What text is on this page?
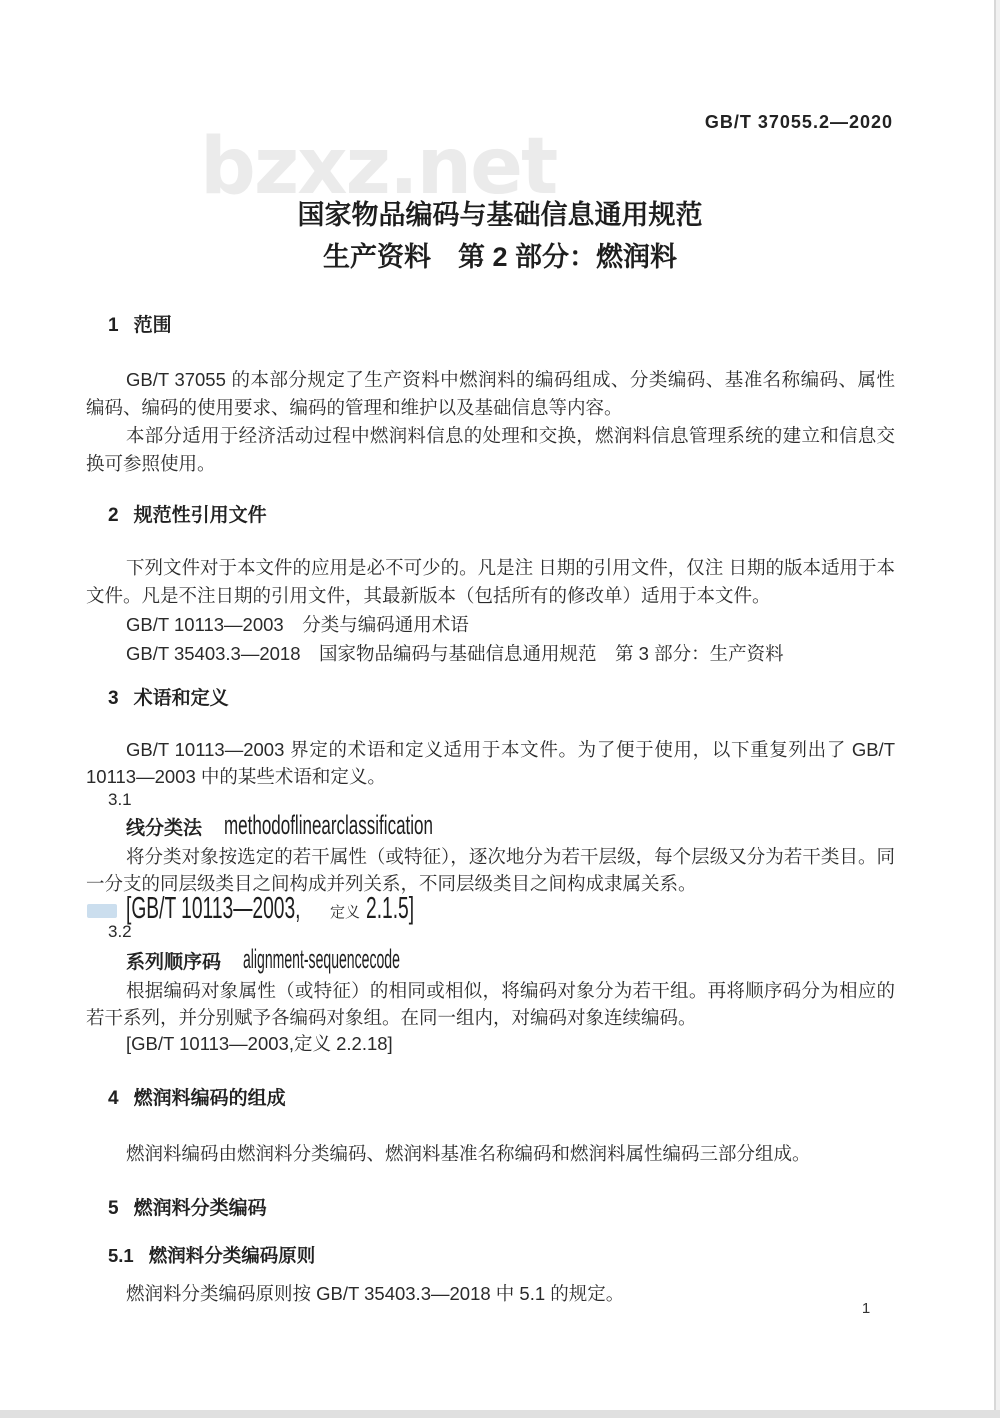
GB/T 37055.2—2020
bzxz.net
国家物品编码与基础信息通用规范
生产资料　第 2 部分：燃润料
1 范围

GB/T 37055 的本部分规定了生产资料中燃润料的编码组成、分类编码、基准名称编码、属性编码、编码的使用要求、编码的管理和维护以及基础信息等内容。

本部分适用于经济活动过程中燃润料信息的处理和交换，燃润料信息管理系统的建立和信息交换可参照使用。

2 规范性引用文件

下列文件对于本文件的应用是必不可少的。凡是注 日期的引用文件，仅注 日期的版本适用于本文件。凡是不注日期的引用文件，其最新版本（包括所有的修改单）适用于本文件。

GB/T 10113—2003　分类与编码通用术语
GB/T 35403.3—2018　国家物品编码与基础信息通用规范　第 3 部分：生产资料
3 术语和定义

GB/T 10113—2003 界定的术语和定义适用于本文件。为了便于使用，以下重复列出了 GB/T 10113—2003 中的某些术语和定义。

3.1
线分类法 methodoflinearclassification

将分类对象按选定的若干属性（或特征），逐次地分为若干层级，每个层级又分为若干类目。同一分支的同层级类目之间构成并列关系，不同层级类目之间构成隶属关系。

[GB/T 10113—2003,	定义 2.1.5]
3.2
系列顺序码 alignment-sequencecode

根据编码对象属性（或特征）的相同或相似，将编码对象分为若干组。再将顺序码分为相应的若干系列，并分别赋予各编码对象组。在同一组内，对编码对象连续编码。

[GB/T 10113—2003,定义 2.2.18]
4 燃润料编码的组成

燃润料编码由燃润料分类编码、燃润料基准名称编码和燃润料属性编码三部分组成。

5 燃润料分类编码
5.1 燃润料分类编码原则

燃润料分类编码原则按 GB/T 35403.3—2018 中 5.1 的规定。

1
